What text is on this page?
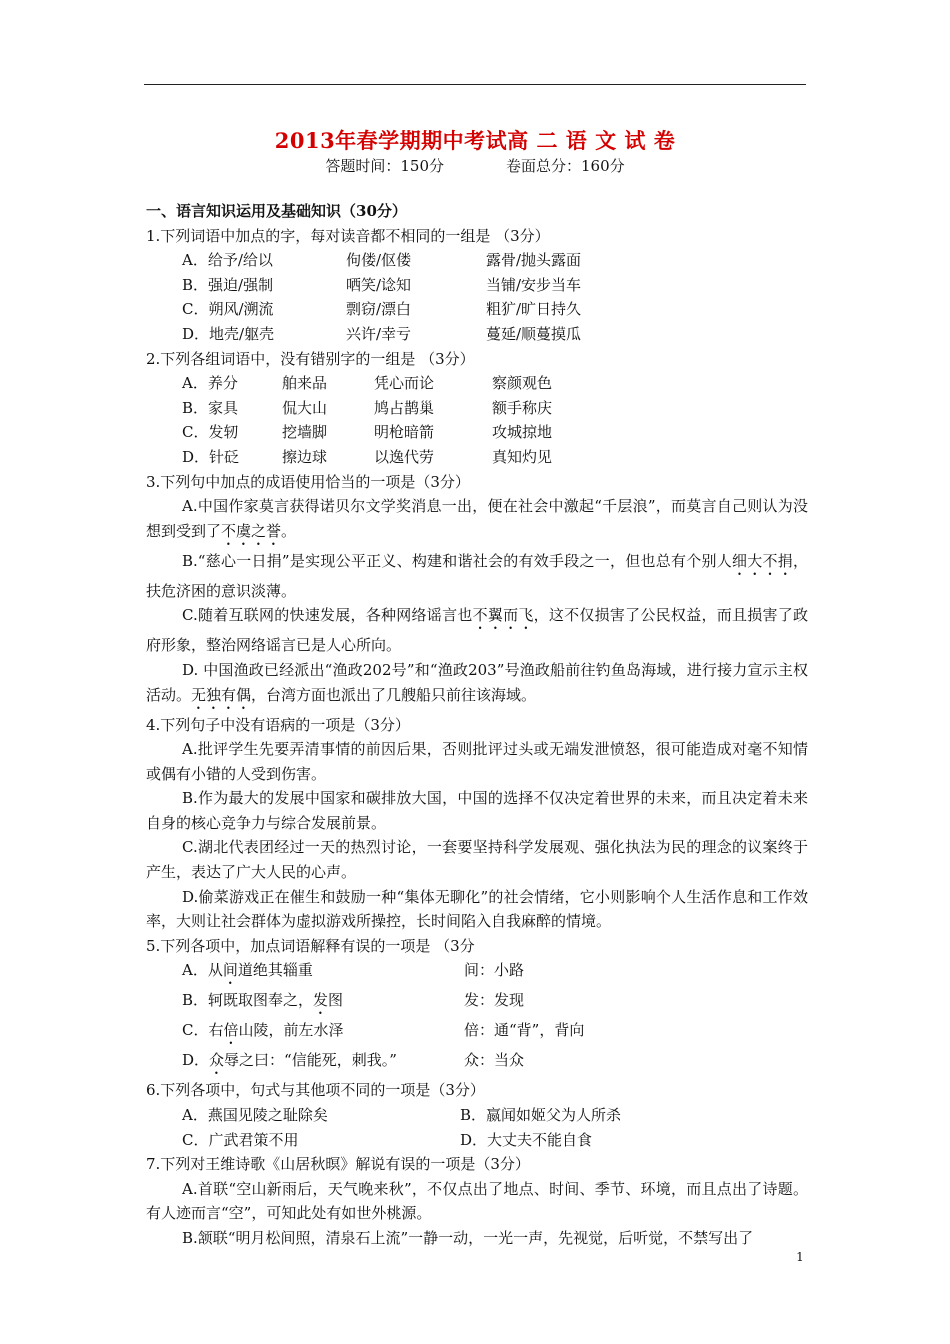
2013年春学期期中考试高 二 语 文 试 卷
答题时间：150分	卷面总分：160分

一、语言知识运用及基础知识（30分）

1.下列词语中加点的字，每对读音都不相同的一组是 （3分）

A．给予/给以	佝偻/伛偻	露骨/抛头露面

B．强迫/强制	哂笑/谂知	当铺/安步当车

C．朔风/溯流	剽窃/漂白	粗犷/旷日持久

D．地壳/躯壳	兴许/幸亏	蔓延/顺蔓摸瓜

2.下列各组词语中，没有错别字的一组是 （3分）

A．养分	舶来品	凭心而论	察颜观色

B．家具	侃大山	鸠占鹊巢	额手称庆

C．发轫	挖墙脚	明枪暗箭	攻城掠地

D．针砭	擦边球	以逸代劳	真知灼见

3.下列句中加点的成语使用恰当的一项是（3分）

A.中国作家莫言获得诺贝尔文学奖消息一出，便在社会中激起“千层浪”，而莫言自己则认为没想到受到了不虞之誉。

B.“慈心一日捐”是实现公平正义、构建和谐社会的有效手段之一，但也总有个别人细大不捐，扶危济困的意识淡薄。

C.随着互联网的快速发展，各种网络谣言也不翼而飞，这不仅损害了公民权益，而且损害了政府形象，整治网络谣言已是人心所向。

D. 中国渔政已经派出“渔政202号”和“渔政203”号渔政船前往钓鱼岛海域，进行接力宣示主权活动。无独有偶，台湾方面也派出了几艘船只前往该海域。

4.下列句子中没有语病的一项是（3分）

A.批评学生先要弄清事情的前因后果，否则批评过头或无端发泄愤怒，很可能造成对毫不知情或偶有小错的人受到伤害。

B.作为最大的发展中国家和碳排放大国，中国的选择不仅决定着世界的未来，而且决定着未来自身的核心竞争力与综合发展前景。

C.湖北代表团经过一天的热烈讨论，一套要坚持科学发展观、强化执法为民的理念的议案终于产生，表达了广大人民的心声。

D.偷菜游戏正在催生和鼓励一种“集体无聊化”的社会情绪，它小则影响个人生活作息和工作效率，大则让社会群体为虚拟游戏所操控，长时间陷入自我麻醉的情境。

5.下列各项中，加点词语解释有误的一项是 （3分

A．从间道绝其辎重	间：小路

B．轲既取图奉之，发图	发：发现

C．右倍山陵，前左水泽	倍：通“背”，背向

D．众辱之曰：“信能死，刺我。”	众：当众

6.下列各项中，句式与其他项不同的一项是（3分）

A．燕国见陵之耻除矣	B．嬴闻如姬父为人所杀

C．广武君策不用	D．大丈夫不能自食

7.下列对王维诗歌《山居秋暝》解说有误的一项是（3分）

A.首联“空山新雨后，天气晚来秋”，不仅点出了地点、时间、季节、环境，而且点出了诗题。有人迹而言“空”，可知此处有如世外桃源。

B.颔联“明月松间照，清泉石上流”一静一动，一光一声，先视觉，后听觉，不禁写出了

1
